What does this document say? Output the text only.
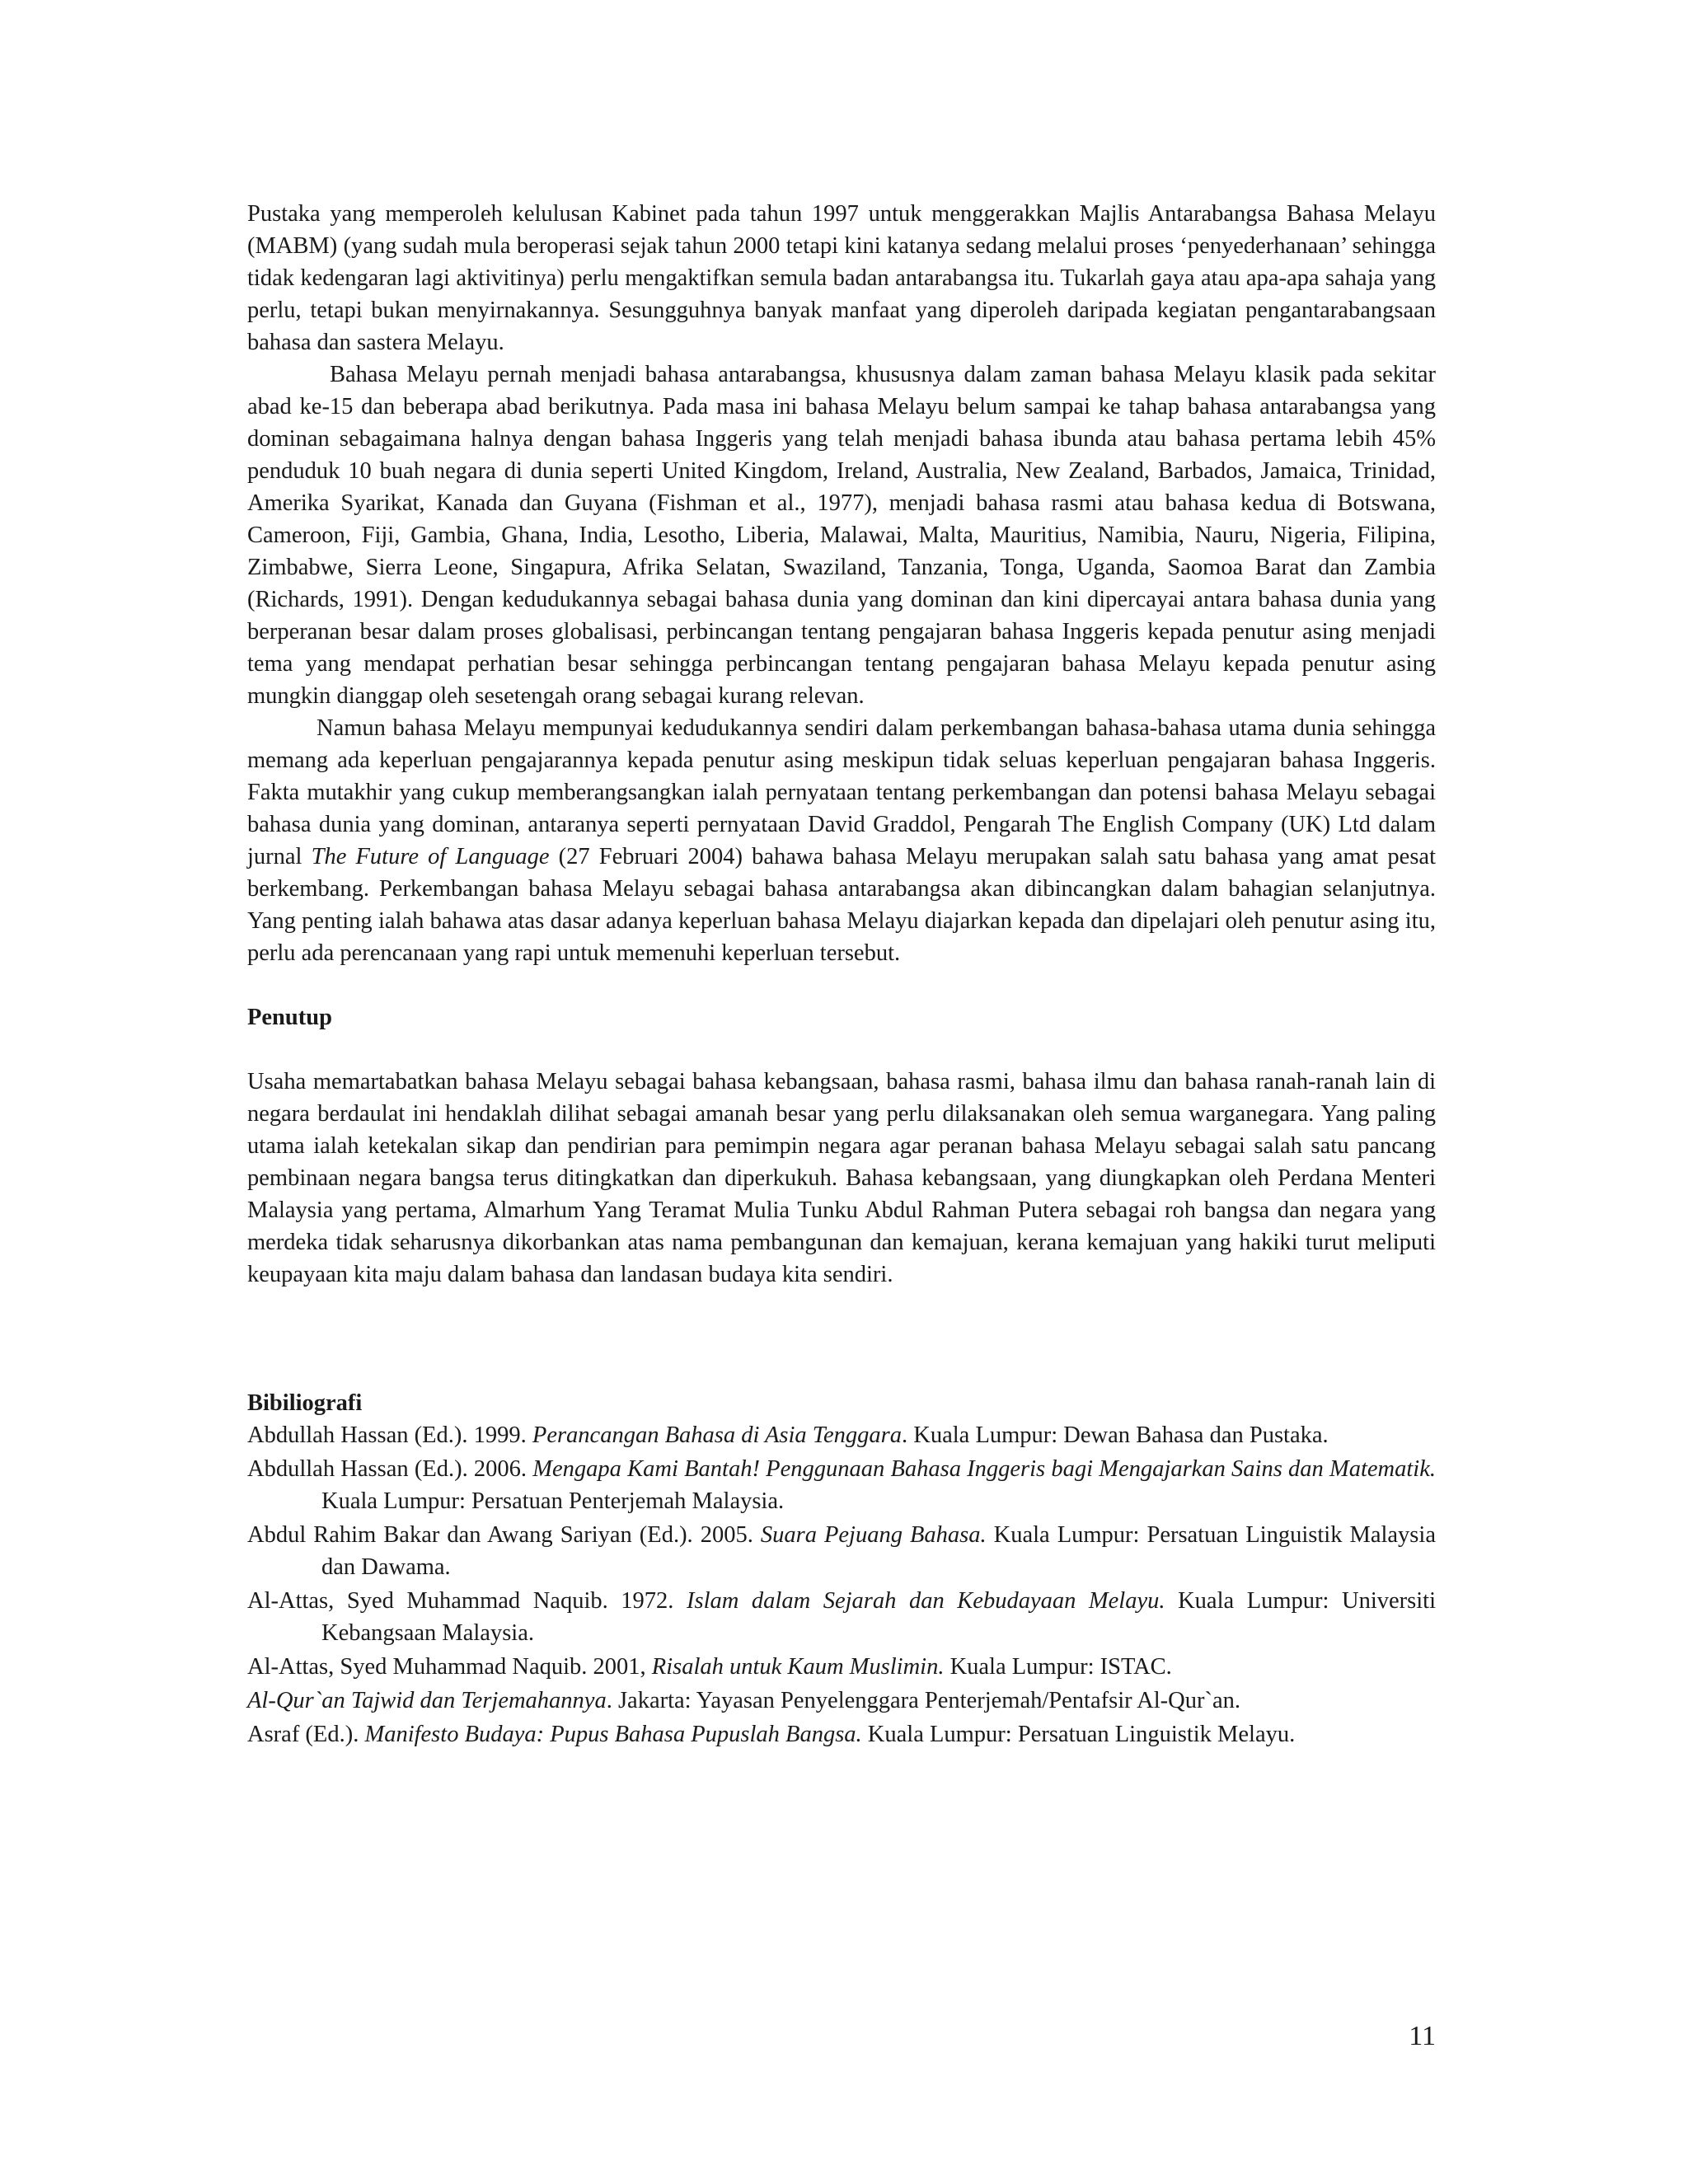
Pustaka yang memperoleh kelulusan Kabinet pada tahun 1997 untuk menggerakkan Majlis Antarabangsa Bahasa Melayu (MABM) (yang sudah mula beroperasi sejak tahun 2000 tetapi kini katanya sedang melalui proses ‘penyederhanaan’ sehingga tidak kedengaran lagi aktivitinya) perlu mengaktifkan semula badan antarabangsa itu. Tukarlah gaya atau apa-apa sahaja yang perlu, tetapi bukan menyirnakannya. Sesungguhnya banyak manfaat yang diperoleh daripada kegiatan pengantarabangsaan bahasa dan sastera Melayu.

Bahasa Melayu pernah menjadi bahasa antarabangsa, khususnya dalam zaman bahasa Melayu klasik pada sekitar abad ke-15 dan beberapa abad berikutnya. Pada masa ini bahasa Melayu belum sampai ke tahap bahasa antarabangsa yang dominan sebagaimana halnya dengan bahasa Inggeris yang telah menjadi bahasa ibunda atau bahasa pertama lebih 45% penduduk 10 buah negara di dunia seperti United Kingdom, Ireland, Australia, New Zealand, Barbados, Jamaica, Trinidad, Amerika Syarikat, Kanada dan Guyana (Fishman et al., 1977), menjadi bahasa rasmi atau bahasa kedua di Botswana, Cameroon, Fiji, Gambia, Ghana, India, Lesotho, Liberia, Malawai, Malta, Mauritius, Namibia, Nauru, Nigeria, Filipina, Zimbabwe, Sierra Leone, Singapura, Afrika Selatan, Swaziland, Tanzania, Tonga, Uganda, Saomoa Barat dan Zambia (Richards, 1991). Dengan kedudukannya sebagai bahasa dunia yang dominan dan kini dipercayai antara bahasa dunia yang berperanan besar dalam proses globalisasi, perbincangan tentang pengajaran bahasa Inggeris kepada penutur asing menjadi tema yang mendapat perhatian besar sehingga perbincangan tentang pengajaran bahasa Melayu kepada penutur asing mungkin dianggap oleh sesetengah orang sebagai kurang relevan.

Namun bahasa Melayu mempunyai kedudukannya sendiri dalam perkembangan bahasa-bahasa utama dunia sehingga memang ada keperluan pengajarannya kepada penutur asing meskipun tidak seluas keperluan pengajaran bahasa Inggeris. Fakta mutakhir yang cukup memberangsangkan ialah pernyataan tentang perkembangan dan potensi bahasa Melayu sebagai bahasa dunia yang dominan, antaranya seperti pernyataan David Graddol, Pengarah The English Company (UK) Ltd dalam jurnal The Future of Language (27 Februari 2004) bahawa bahasa Melayu merupakan salah satu bahasa yang amat pesat berkembang. Perkembangan bahasa Melayu sebagai bahasa antarabangsa akan dibincangkan dalam bahagian selanjutnya. Yang penting ialah bahawa atas dasar adanya keperluan bahasa Melayu diajarkan kepada dan dipelajari oleh penutur asing itu, perlu ada perencanaan yang rapi untuk memenuhi keperluan tersebut.

Penutup

Usaha memartabatkan bahasa Melayu sebagai bahasa kebangsaan, bahasa rasmi, bahasa ilmu dan bahasa ranah-ranah lain di negara berdaulat ini hendaklah dilihat sebagai amanah besar yang perlu dilaksanakan oleh semua warganegara. Yang paling utama ialah ketekalan sikap dan pendirian para pemimpin negara agar peranan bahasa Melayu sebagai salah satu pancang pembinaan negara bangsa terus ditingkatkan dan diperkukuh. Bahasa kebangsaan, yang diungkapkan oleh Perdana Menteri Malaysia yang pertama, Almarhum Yang Teramat Mulia Tunku Abdul Rahman Putera sebagai roh bangsa dan negara yang merdeka tidak seharusnya dikorbankan atas nama pembangunan dan kemajuan, kerana kemajuan yang hakiki turut meliputi keupayaan kita maju dalam bahasa dan landasan budaya kita sendiri.

Bibiliografi

Abdullah Hassan (Ed.). 1999. Perancangan Bahasa di Asia Tenggara. Kuala Lumpur: Dewan Bahasa dan Pustaka.

Abdullah Hassan (Ed.). 2006. Mengapa Kami Bantah! Penggunaan Bahasa Inggeris bagi Mengajarkan Sains dan Matematik. Kuala Lumpur: Persatuan Penterjemah Malaysia.

Abdul Rahim Bakar dan Awang Sariyan (Ed.). 2005. Suara Pejuang Bahasa. Kuala Lumpur: Persatuan Linguistik Malaysia dan Dawama.

Al-Attas, Syed Muhammad Naquib. 1972. Islam dalam Sejarah dan Kebudayaan Melayu. Kuala Lumpur: Universiti Kebangsaan Malaysia.

Al-Attas, Syed Muhammad Naquib. 2001, Risalah untuk Kaum Muslimin. Kuala Lumpur: ISTAC.

Al-Qur`an Tajwid dan Terjemahannya. Jakarta: Yayasan Penyelenggara Penterjemah/Pentafsir Al-Qur`an.

Asraf (Ed.). Manifesto Budaya: Pupus Bahasa Pupuslah Bangsa. Kuala Lumpur: Persatuan Linguistik Melayu.

11
